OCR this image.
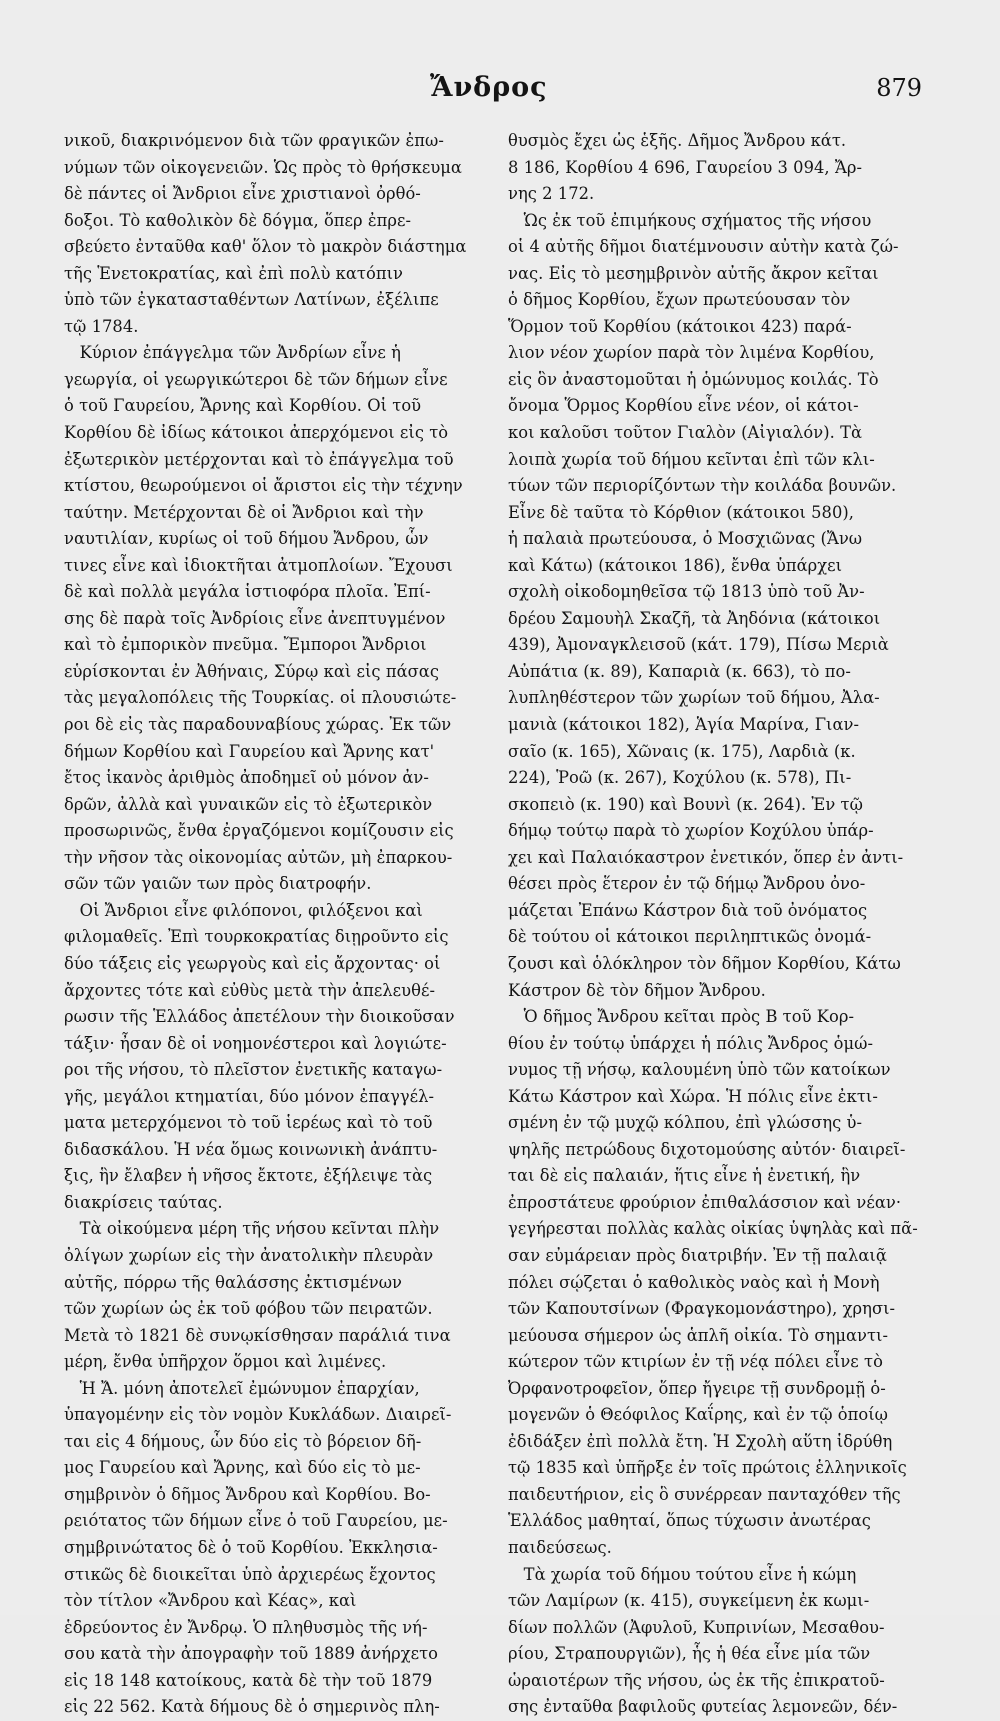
Ἄνδρος	879
νικοῦ, διακρινόμενον διὰ τῶν φραγικῶν ἐπω-
νύμων τῶν οἰκογενειῶν. Ὡς πρὸς τὸ θρήσκευμα
δὲ πάντες οἱ Ἄνδριοι εἶνε χριστιανοὶ ὀρθό-
δοξοι. Τὸ καθολικὸν δὲ δόγμα, ὅπερ ἐπρε-
σβεύετο ἐνταῦθα καθ' ὅλον τὸ μακρὸν διάστημα
τῆς Ἑνετοκρατίας, καὶ ἐπὶ πολὺ κατόπιν
ὑπὸ τῶν ἐγκατασταθέντων Λατίνων, ἐξέλιπε
τῷ 1784.
Κύριον ἐπάγγελμα τῶν Ἀνδρίων εἶνε ἡ
γεωργία, οἱ γεωργικώτεροι δὲ τῶν δήμων εἶνε
ὁ τοῦ Γαυρείου, Ἄρνης καὶ Κορθίου. Οἱ τοῦ
Κορθίου δὲ ἰδίως κάτοικοι ἀπερχόμενοι εἰς τὸ
ἐξωτερικὸν μετέρχονται καὶ τὸ ἐπάγγελμα τοῦ
κτίστου, θεωρούμενοι οἱ ἄριστοι εἰς τὴν τέχνην
ταύτην. Μετέρχονται δὲ οἱ Ἄνδριοι καὶ τὴν
ναυτιλίαν, κυρίως οἱ τοῦ δήμου Ἄνδρου, ὧν
τινες εἶνε καὶ ἰδιοκτῆται ἀτμοπλοίων. Ἔχουσι
δὲ καὶ πολλὰ μεγάλα ἱστιοφόρα πλοῖα. Ἐπί-
σης δὲ παρὰ τοῖς Ἀνδρίοις εἶνε ἀνεπτυγμένον
καὶ τὸ ἐμπορικὸν πνεῦμα. Ἔμποροι Ἄνδριοι
εὑρίσκονται ἐν Ἀθήναις, Σύρῳ καὶ εἰς πάσας
τὰς μεγαλοπόλεις τῆς Τουρκίας. οἱ πλουσιώτε-
ροι δὲ εἰς τὰς παραδουναβίους χώρας. Ἐκ τῶν
δήμων Κορθίου καὶ Γαυρείου καὶ Ἄρνης κατ'
ἔτος ἱκανὸς ἀριθμὸς ἀποδημεῖ οὐ μόνον ἀν-
δρῶν, ἀλλὰ καὶ γυναικῶν εἰς τὸ ἐξωτερικὸν
προσωρινῶς, ἔνθα ἐργαζόμενοι κομίζουσιν εἰς
τὴν νῆσον τὰς οἰκονομίας αὐτῶν, μὴ ἐπαρκου-
σῶν τῶν γαιῶν των πρὸς διατροφήν.
Οἱ Ἄνδριοι εἶνε φιλόπονοι, φιλόξενοι καὶ
φιλομαθεῖς. Ἐπὶ τουρκοκρατίας διῃροῦντο εἰς
δύο τάξεις εἰς γεωργοὺς καὶ εἰς ἄρχοντας· οἱ
ἄρχοντες τότε καὶ εὐθὺς μετὰ τὴν ἀπελευθέ-
ρωσιν τῆς Ἑλλάδος ἀπετέλουν τὴν διοικοῦσαν
τάξιν· ἦσαν δὲ οἱ νοημονέστεροι καὶ λογιώτε-
ροι τῆς νήσου, τὸ πλεῖστον ἐνετικῆς καταγω-
γῆς, μεγάλοι κτηματίαι, δύο μόνον ἐπαγγέλ-
ματα μετερχόμενοι τὸ τοῦ ἱερέως καὶ τὸ τοῦ
διδασκάλου. Ἡ νέα ὅμως κοινωνικὴ ἀνάπτυ-
ξις, ἣν ἔλαβεν ἡ νῆσος ἔκτοτε, ἐξήλειψε τὰς
διακρίσεις ταύτας.
Τὰ οἰκούμενα μέρη τῆς νήσου κεῖνται πλὴν
ὀλίγων χωρίων εἰς τὴν ἀνατολικὴν πλευρὰν
αὐτῆς, πόρρω τῆς θαλάσσης ἐκτισμένων
τῶν χωρίων ὡς ἐκ τοῦ φόβου τῶν πειρατῶν.
Μετὰ τὸ 1821 δὲ συνῳκίσθησαν παράλιά τινα
μέρη, ἔνθα ὑπῆρχον ὅρμοι καὶ λιμένες.
Ἡ Ἄ. μόνη ἀποτελεῖ ἐμώνυμον ἐπαρχίαν,
ὑπαγομένην εἰς τὸν νομὸν Κυκλάδων. Διαιρεῖ-
ται εἰς 4 δήμους, ὧν δύο εἰς τὸ βόρειον δῆ-
μος Γαυρείου καὶ Ἄρνης, καὶ δύο εἰς τὸ με-
σημβρινὸν ὁ δῆμος Ἄνδρου καὶ Κορθίου. Βο-
ρειότατος τῶν δήμων εἶνε ὁ τοῦ Γαυρείου, με-
σημβρινώτατος δὲ ὁ τοῦ Κορθίου. Ἐκκλησια-
στικῶς δὲ διοικεῖται ὑπὸ ἀρχιερέως ἔχοντος
τὸν τίτλον «Ἄνδρου καὶ Κέας», καὶ
ἑδρεύοντος ἐν Ἄνδρῳ. Ὁ πληθυσμὸς τῆς νή-
σου κατὰ τὴν ἀπογραφὴν τοῦ 1889 ἀνήρχετο
εἰς 18 148 κατοίκους, κατὰ δὲ τὴν τοῦ 1879
εἰς 22 562. Κατὰ δήμους δὲ ὁ σημερινὸς πλη-
θυσμὸς ἔχει ὡς ἑξῆς. Δῆμος Ἄνδρου κάτ.
8 186, Κορθίου 4 696, Γαυρείου 3 094, Ἄρ-
νης 2 172.
Ὡς ἐκ τοῦ ἐπιμήκους σχήματος τῆς νήσου
οἱ 4 αὐτῆς δῆμοι διατέμνουσιν αὐτὴν κατὰ ζώ-
νας. Εἰς τὸ μεσημβρινὸν αὐτῆς ἄκρον κεῖται
ὁ δῆμος Κορθίου, ἔχων πρωτεύουσαν τὸν
Ὅρμον τοῦ Κορθίου (κάτοικοι 423) παρά-
λιον νέον χωρίον παρὰ τὸν λιμένα Κορθίου,
εἰς ὃν ἀναστομοῦται ἡ ὁμώνυμος κοιλάς. Τὸ
ὄνομα Ὅρμος Κορθίου εἶνε νέον, οἱ κάτοι-
κοι καλοῦσι τοῦτον Γιαλὸν (Αἰγιαλόν). Τὰ
λοιπὰ χωρία τοῦ δήμου κεῖνται ἐπὶ τῶν κλι-
τύων τῶν περιορίζόντων τὴν κοιλάδα βουνῶν.
Εἶνε δὲ ταῦτα τὸ Κόρθιον (κάτοικοι 580),
ἡ παλαιὰ πρωτεύουσα, ὁ Μοσχιῶνας (Ἄνω
καὶ Κάτω) (κάτοικοι 186), ἔνθα ὑπάρχει
σχολὴ οἰκοδομηθεῖσα τῷ 1813 ὑπὸ τοῦ Ἀν-
δρέου Σαμουὴλ Σκαζῆ, τὰ Ἀηδόνια (κάτοικοι
439), Ἀμοναγκλεισοῦ (κάτ. 179), Πίσω Μεριὰ
Αὐπάτια (κ. 89), Καπαριὰ (κ. 663), τὸ πο-
λυπληθέστερον τῶν χωρίων τοῦ δήμου, Ἀλα-
μανιὰ (κάτοικοι 182), Ἁγία Μαρίνα, Γιαν-
σαῖο (κ. 165), Χῶναις (κ. 175), Λαρδιὰ (κ.
224), Ῥοῶ (κ. 267), Κοχύλου (κ. 578), Πι-
σκοπειὸ (κ. 190) καὶ Βουνὶ (κ. 264). Ἐν τῷ
δήμῳ τούτῳ παρὰ τὸ χωρίον Κοχύλου ὑπάρ-
χει καὶ Παλαιόκαστρον ἐνετικόν, ὅπερ ἐν ἀντι-
θέσει πρὸς ἕτερον ἐν τῷ δήμῳ Ἄνδρου ὀνο-
μάζεται Ἐπάνω Κάστρον διὰ τοῦ ὀνόματος
δὲ τούτου οἱ κάτοικοι περιληπτικῶς ὀνομά-
ζουσι καὶ ὁλόκληρον τὸν δῆμον Κορθίου, Κάτω
Κάστρον δὲ τὸν δῆμον Ἄνδρου.
Ὁ δῆμος Ἄνδρου κεῖται πρὸς Β τοῦ Κορ-
θίου ἐν τούτῳ ὑπάρχει ἡ πόλις Ἄνδρος ὁμώ-
νυμος τῇ νήσῳ, καλουμένη ὑπὸ τῶν κατοίκων
Κάτω Κάστρον καὶ Χώρα. Ἡ πόλις εἶνε ἐκτι-
σμένη ἐν τῷ μυχῷ κόλπου, ἐπὶ γλώσσης ὑ-
ψηλῆς πετρώδους διχοτομούσης αὐτόν· διαιρεῖ-
ται δὲ εἰς παλαιάν, ἥτις εἶνε ἡ ἐνετική, ἣν
ἐπροστάτευε φρούριον ἐπιθαλάσσιον καὶ νέαν·
γεγήρεσται πολλὰς καλὰς οἰκίας ὑψηλὰς καὶ πᾶ-
σαν εὐμάρειαν πρὸς διατριβήν. Ἐν τῇ παλαιᾷ
πόλει σῴζεται ὁ καθολικὸς ναὸς καὶ ἡ Μονὴ
τῶν Καπουτσίνων (Φραγκομονάστηρο), χρησι-
μεύουσα σήμερον ὡς ἁπλῆ οἰκία. Τὸ σημαντι-
κώτερον τῶν κτιρίων ἐν τῇ νέᾳ πόλει εἶνε τὸ
Ὀρφανοτροφεῖον, ὅπερ ἤγειρε τῇ συνδρομῇ ὁ-
μογενῶν ὁ Θεόφιλος Καΐρης, καὶ ἐν τῷ ὁποίῳ
ἐδιδάξεν ἐπὶ πολλὰ ἔτη. Ἡ Σχολὴ αὕτη ἱδρύθη
τῷ 1835 καὶ ὑπῆρξε ἐν τοῖς πρώτοις ἑλληνικοῖς
παιδευτήριον, εἰς ὃ συνέρρεαν πανταχόθεν τῆς
Ἑλλάδος μαθηταί, ὅπως τύχωσιν ἀνωτέρας
παιδεύσεως.
Τὰ χωρία τοῦ δήμου τούτου εἶνε ἡ κώμη
τῶν Λαμίρων (κ. 415), συγκείμενη ἐκ κωμι-
δίων πολλῶν (Ἀφυλοῦ, Κυπρινίων, Μεσαθου-
ρίου, Στραπουργιῶν), ἧς ἡ θέα εἶνε μία τῶν
ὡραιοτέρων τῆς νήσου, ὡς ἐκ τῆς ἐπικρατοῦ-
σης ἐνταῦθα βαφιλοῦς φυτείας λεμονεῶν, δέν-
